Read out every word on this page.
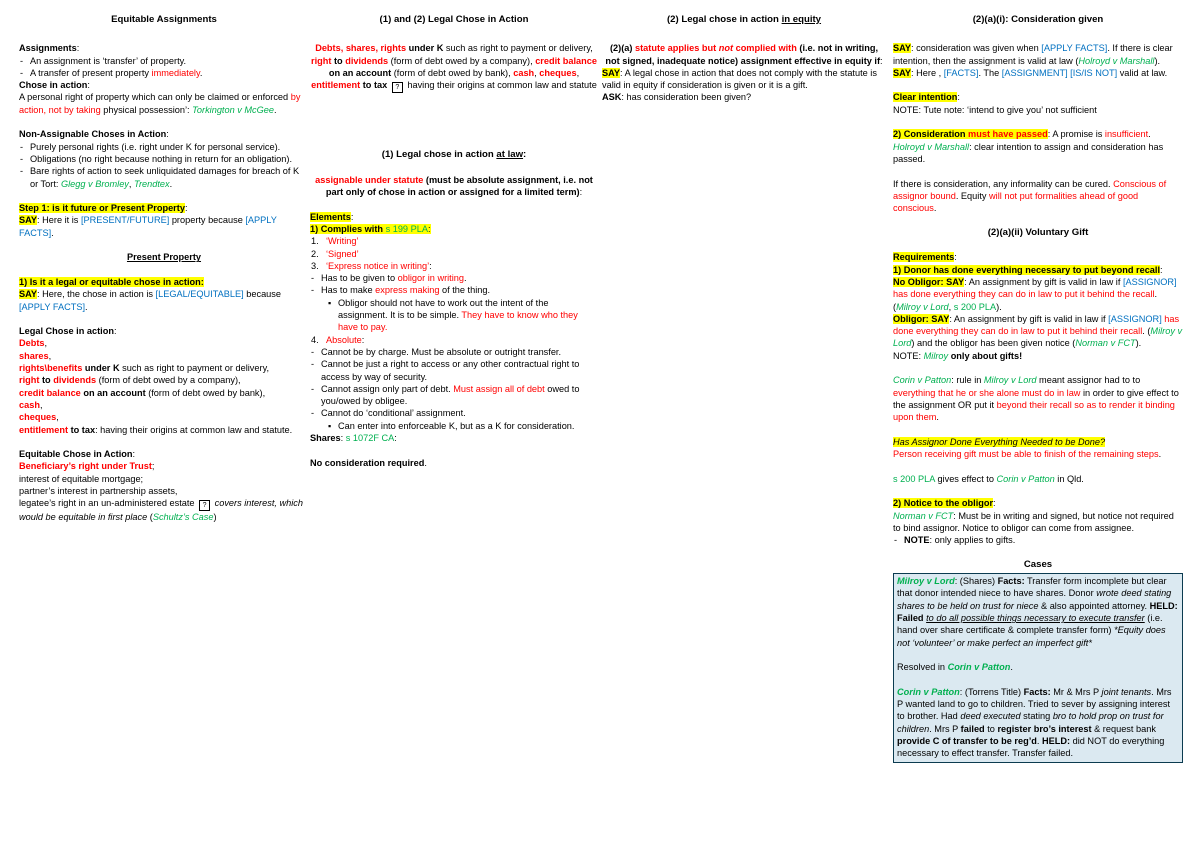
Equitable Assignments
Assignments:
- An assignment is ‘transfer’ of property.
- A transfer of present property immediately.
Chose in action:
A personal right of property which can only be claimed or enforced by action, not by taking physical possession’: Torkington v McGee.
Non-Assignable Choses in Action:
- Purely personal rights (i.e. right under K for personal service).
- Obligations (no right because nothing in return for an obligation).
- Bare rights of action to seek unliquidated damages for breach of K or Tort: Glegg v Bromley, Trendtex.
Step 1: is it future or Present Property:
SAY: Here it is [PRESENT/FUTURE] property because [APPLY FACTS].
Present Property
1) Is it a legal or equitable chose in action:
SAY: Here, the chose in action is [LEGAL/EQUITABLE] because [APPLY FACTS].
Legal Chose in action:
Debts,
shares,
rights\benefits under K such as right to payment or delivery,
right to dividends (form of debt owed by a company),
credit balance on an account (form of debt owed by bank),
cash,
cheques,
entitlement to tax: having their origins at common law and statute.
Equitable Chose in Action:
Beneficiary’s right under Trust;
interest of equitable mortgage;
partner’s interest in partnership assets,
legatee’s right in an un-administered estate ? covers interest, which would be equitable in first place (Schultz’s Case)
(1) and (2) Legal Chose in Action
Debts, shares, rights under K such as right to payment or delivery, right to dividends (form of debt owed by a company), credit balance on an account (form of debt owed by bank), cash, cheques, entitlement to tax ? having their origins at common law and statute
(1) Legal chose in action at law:
assignable under statute (must be absolute assignment, i.e. not part only of chose in action or assigned for a limited term):
Elements:
1) Complies with s 199 PLA:
1. ‘Writing’
2. ‘Signed’
3. ‘Express notice in writing’:
- Has to be given to obligor in writing.
- Has to make express making of the thing.
▪ Obligor should not have to work out the intent of the assignment. It is to be simple. They have to know who they have to pay.
4. Absolute:
- Cannot be by charge. Must be absolute or outright transfer.
- Cannot be just a right to access or any other contractual right to access by way of security.
- Cannot assign only part of debt. Must assign all of debt owed to you/owed by obligee.
- Cannot do ‘conditional’ assignment.
▪ Can enter into enforceable K, but as a K for consideration.
Shares: s 1072F CA:
No consideration required.
(2) Legal chose in action in equity
(2)(a) statute applies but not complied with (i.e. not in writing, not signed, inadequate notice) assignment effective in equity if:
SAY: A legal chose in action that does not comply with the statute is valid in equity if consideration is given or it is a gift.
ASK: has consideration been given?
(2)(a)(i): Consideration given
SAY: consideration was given when [APPLY FACTS]. If there is clear intention, then the assignment is valid at law (Holroyd v Marshall).
SAY: Here , [FACTS]. The [ASSIGNMENT] [IS/IS NOT] valid at law.
Clear intention:
NOTE: Tute note: ‘intend to give you’ not sufficient
2) Consideration must have passed: A promise is insufficient.
Holroyd v Marshall: clear intention to assign and consideration has passed.
If there is consideration, any informality can be cured. Conscious of assignor bound. Equity will not put formalities ahead of good conscious.
(2)(a)(ii) Voluntary Gift
Requirements:
1) Donor has done everything necessary to put beyond recall:
No Obligor: SAY: An assignment by gift is valid in law if [ASSIGNOR] has done everything they can do in law to put it behind the recall. (Milroy v Lord, s 200 PLA).
Obligor: SAY: An assignment by gift is valid in law if [ASSIGNOR] has done everything they can do in law to put it behind their recall. (Milroy v Lord) and the obligor has been given notice (Norman v FCT).
NOTE: Milroy only about gifts!
Corin v Patton: rule in Milroy v Lord meant assignor had to to everything that he or she alone must do in law in order to give effect to the assignment OR put it beyond their recall so as to render it binding upon them.
Has Assignor Done Everything Needed to be Done?
Person receiving gift must be able to finish of the remaining steps.
s 200 PLA gives effect to Corin v Patton in Qld.
2) Notice to the obligor:
Norman v FCT: Must be in writing and signed, but notice not required to bind assignor. Notice to obligor can come from assignee.
- NOTE: only applies to gifts.
Cases
Milroy v Lord: (Shares) Facts: Transfer form incomplete but clear that donor intended niece to have shares. Donor wrote deed stating shares to be held on trust for niece & also appointed attorney. HELD: Failed to do all possible things necessary to execute transfer (i.e. hand over share certificate & complete transfer form) *Equity does not ‘volunteer’ or make perfect an imperfect gift*
Resolved in Corin v Patton.
Corin v Patton: (Torrens Title) Facts: Mr & Mrs P joint tenants. Mrs P wanted land to go to children. Tried to sever by assigning interest to brother. Had deed executed stating bro to hold prop on trust for children. Mrs P failed to register bro’s interest & request bank provide C of transfer to be reg’d. HELD: did NOT do everything necessary to effect transfer. Transfer failed.
